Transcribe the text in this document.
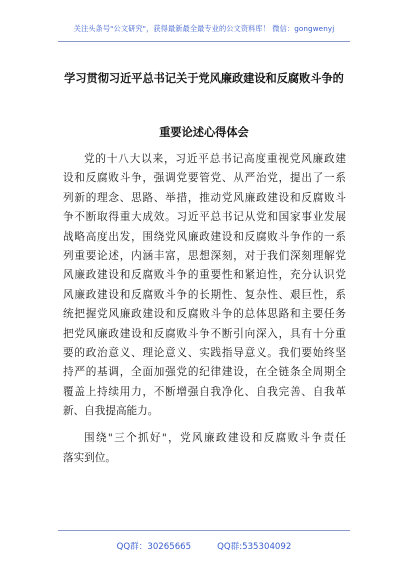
关注头条号"公文研究"，获得最新最全最专业的公文资料库！ 微信：gongwenyj
学习贯彻习近平总书记关于党风廉政建设和反腐败斗争的
重要论述心得体会
党的十八大以来，习近平总书记高度重视党风廉政建
设和反腐败斗争，强调党要管党、从严治党，提出了一系
列新的理念、思路、举措，推动党风廉政建设和反腐败斗
争不断取得重大成效。习近平总书记从党和国家事业发展
战略高度出发，围绕党风廉政建设和反腐败斗争作的一系
列重要论述，内涵丰富，思想深刻，对于我们深刻理解党
风廉政建设和反腐败斗争的重要性和紧迫性，充分认识党
风廉政建设和反腐败斗争的长期性、复杂性、艰巨性，系
统把握党风廉政建设和反腐败斗争的总体思路和主要任务
把党风廉政建设和反腐败斗争不断引向深入，具有十分重
要的政治意义、理论意义、实践指导意义。我们要始终坚
持严的基调，全面加强党的纪律建设，在全链条全周期全
覆盖上持续用力，不断增强自我净化、自我完善、自我革
新、自我提高能力。
围绕"三个抓好"，党风廉政建设和反腐败斗争责任
落实到位。
QQ群：30265665	QQ群:535304092
